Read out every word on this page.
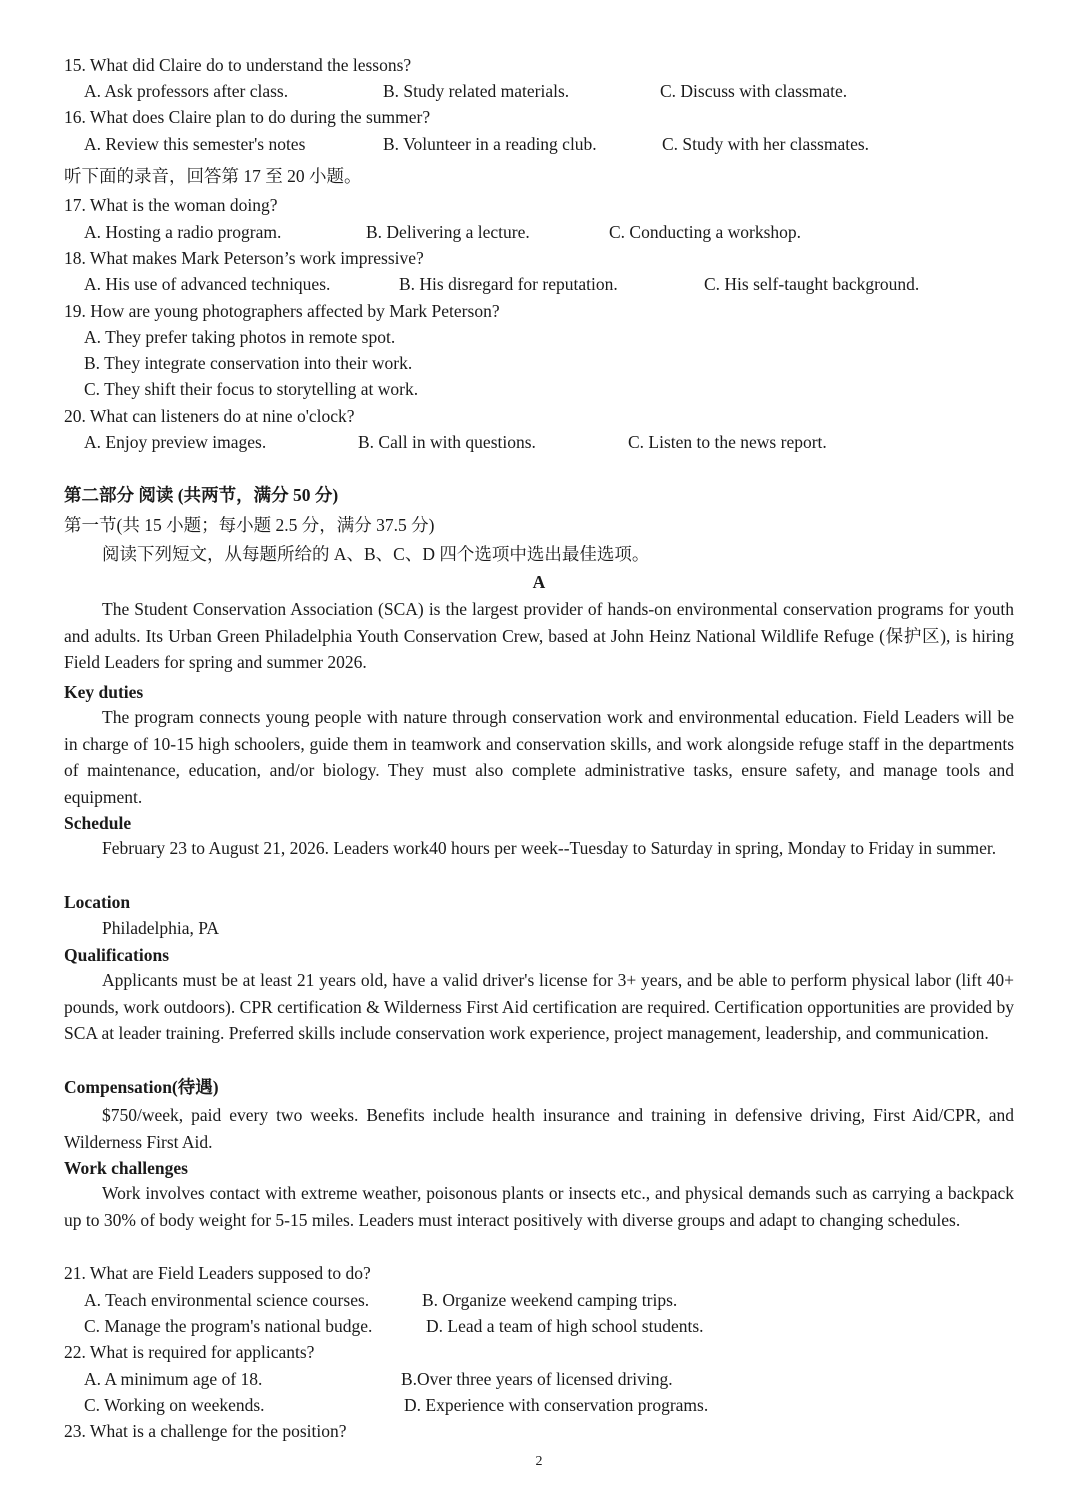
15. What did Claire do to understand the lessons?
A. Ask professors after class.	B. Study related materials.	C. Discuss with classmate.
16. What does Claire plan to do during the summer?
A. Review this semester's notes	B. Volunteer in a reading club.	C. Study with her classmates.
听下面的录音，回答第 17 至 20 小题。
17. What is the woman doing?
A. Hosting a radio program.	B. Delivering a lecture.	C. Conducting a workshop.
18. What makes Mark Peterson’s work impressive?
A. His use of advanced techniques.	B. His disregard for reputation.	C. His self-taught background.
19. How are young photographers affected by Mark Peterson?
A. They prefer taking photos in remote spot.
B. They integrate conservation into their work.
C. They shift their focus to storytelling at work.
20. What can listeners do at nine o'clock?
A. Enjoy preview images.	B. Call in with questions.	C. Listen to the news report.
第二部分 阅读 (共两节，满分 50 分)
第一节(共 15 小题；每小题 2.5 分，满分 37.5 分)
阅读下列短文，从每题所给的 A、B、C、D 四个选项中选出最佳选项。
A
The Student Conservation Association (SCA) is the largest provider of hands-on environmental conservation programs for youth and adults. Its Urban Green Philadelphia Youth Conservation Crew, based at John Heinz National Wildlife Refuge (保护区), is hiring Field Leaders for spring and summer 2026.
Key duties
The program connects young people with nature through conservation work and environmental education. Field Leaders will be in charge of 10-15 high schoolers, guide them in teamwork and conservation skills, and work alongside refuge staff in the departments of maintenance, education, and/or biology. They must also complete administrative tasks, ensure safety, and manage tools and equipment.
Schedule
February 23 to August 21, 2026. Leaders work40 hours per week--Tuesday to Saturday in spring, Monday to Friday in summer.
Location
Philadelphia, PA
Qualifications
Applicants must be at least 21 years old, have a valid driver's license for 3+ years, and be able to perform physical labor (lift 40+ pounds, work outdoors). CPR certification & Wilderness First Aid certification are required. Certification opportunities are provided by SCA at leader training. Preferred skills include conservation work experience, project management, leadership, and communication.
Compensation(待遇)
$750/week, paid every two weeks. Benefits include health insurance and training in defensive driving, First Aid/CPR, and Wilderness First Aid.
Work challenges
Work involves contact with extreme weather, poisonous plants or insects etc., and physical demands such as carrying a backpack up to 30% of body weight for 5-15 miles. Leaders must interact positively with diverse groups and adapt to changing schedules.
21. What are Field Leaders supposed to do?
A. Teach environmental science courses.	B. Organize weekend camping trips.
C. Manage the program's national budge.	D. Lead a team of high school students.
22. What is required for applicants?
A. A minimum age of 18.	B.Over three years of licensed driving.
C. Working on weekends.	D. Experience with conservation programs.
23. What is a challenge for the position?
2
